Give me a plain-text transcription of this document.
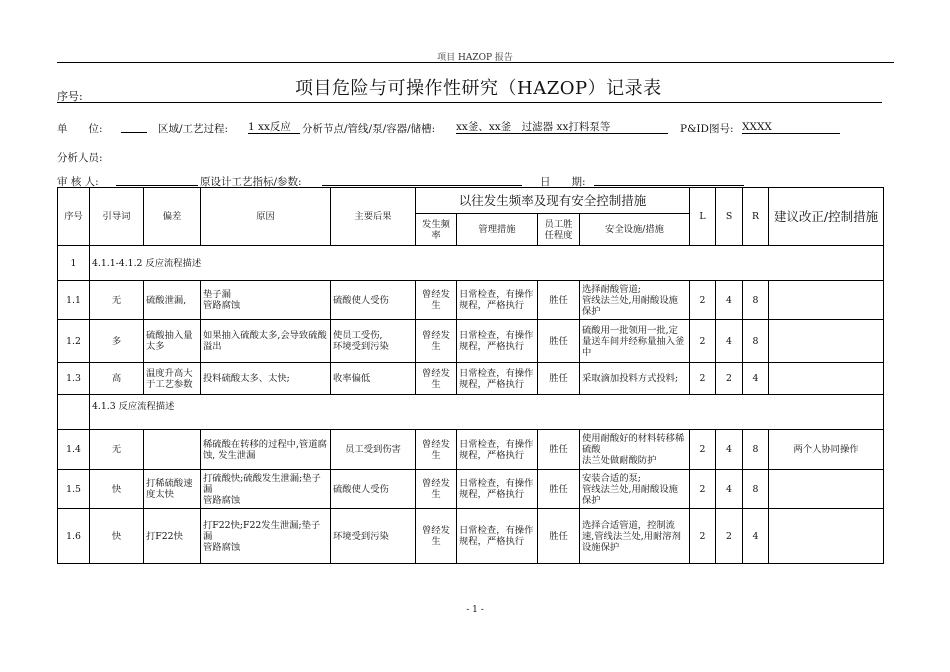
项目 HAZOP 报告
序号:	项目危险与可操作性研究（HAZOP）记录表
单　　位:	区域/工艺过程: 1 xx反应	分析节点/管线/泵/容器/储槽: xx釜、xx釜　过滤器 xx打料泵等	P&ID图号: XXXX
分析人员:
审 核 人:	原设计工艺指标/参数:	日　　期:
序号	引导词	偏差	原因	主要后果	以往发生频率及现有安全控制措施				L	S	R	建议改正/控制措施
					发生频率	管理措施	员工胜任程度	安全设施/措施				
1	4.1.1-4.1.2 反应流程描述											
1.1	无	硫酸泄漏,	垫子漏
管路腐蚀	硫酸使人受伤	曾经发生	日常检查，有操作规程，严格执行	胜任	选择耐酸管道;
管线法兰处,用耐酸设施保护	2	4	8	
1.2	多	硫酸抽入量太多	如果抽入硫酸太多,会导致硫酸溢出	使员工受伤,
环境受到污染	曾经发生	日常检查，有操作规程，严格执行	胜任	硫酸用一批领用一批,定量送车间并经称量抽入釜中	2	4	8	
1.3	高	温度升高大于工艺参数	投料硫酸太多、太快;	收率偏低	曾经发生	日常检查，有操作规程，严格执行	胜任	采取滴加投料方式投料;	2	2	4	
	4.1.3 反应流程描述											
1.4	无		稀硫酸在转移的过程中,管道腐蚀, 发生泄漏	员工受到伤害	曾经发生	日常检查，有操作规程，严格执行	胜任	使用耐酸好的材料转移稀硫酸
法兰处做耐酸防护	2	4	8	两个人协同操作
1.5	快	打稀硫酸速度太快	打硫酸快;硫酸发生泄漏;垫子漏
管路腐蚀	硫酸使人受伤	曾经发生	日常检查，有操作规程，严格执行	胜任	安装合适的泵;
管线法兰处,用耐酸设施保护	2	4	8	
1.6	快	打F22快	打F22快;F22发生泄漏;垫子漏
管路腐蚀	环境受到污染	曾经发生	日常检查，有操作规程，严格执行	胜任	选择合适管道，控制流速,管线法兰处,用耐溶剂设施保护	2	2	4	
- 1 -
